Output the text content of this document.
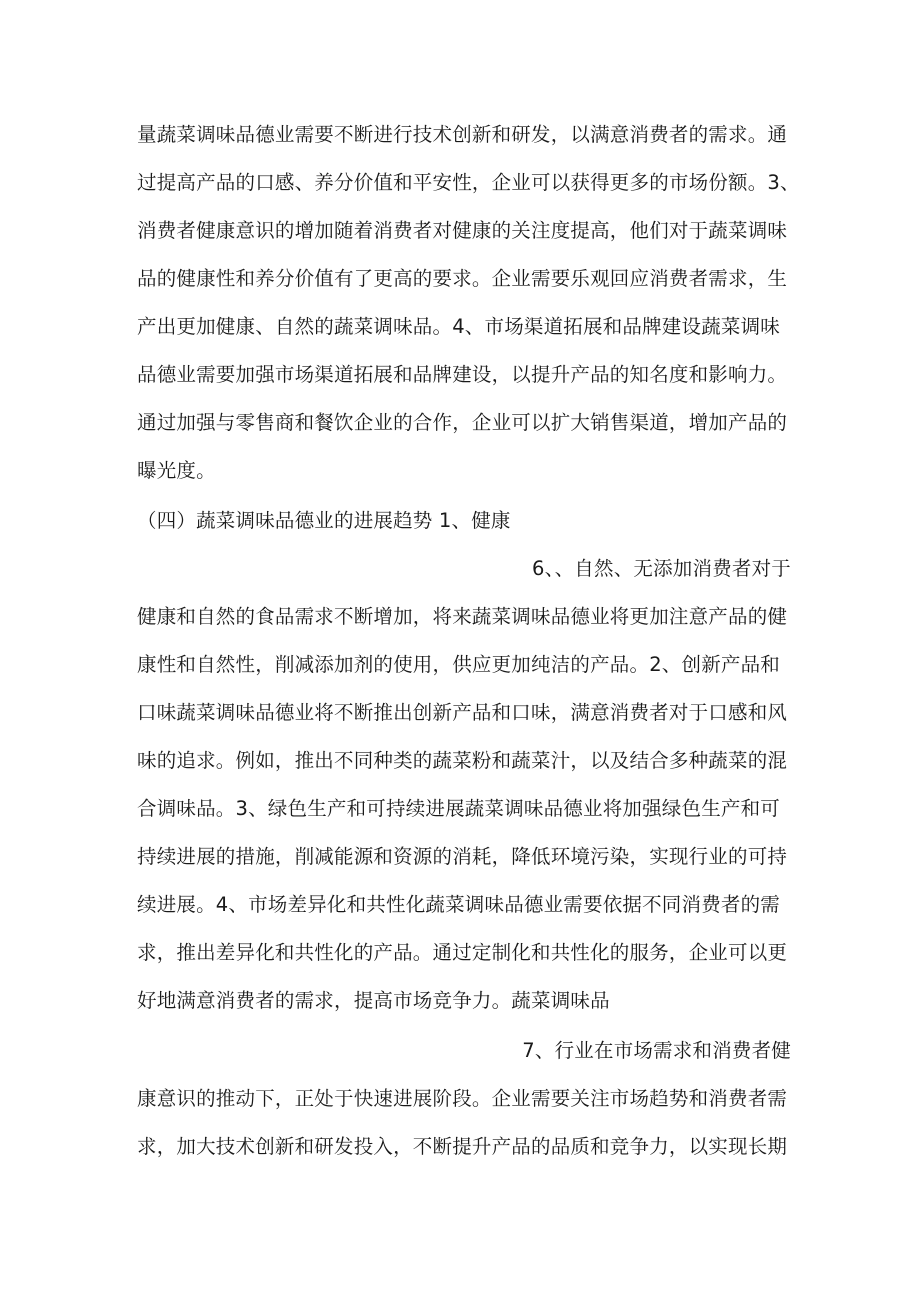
量蔬菜调味品德业需要不断进行技术创新和研发，以满意消费者的需求。通
过提高产品的口感、养分价值和平安性，企业可以获得更多的市场份额。3、
消费者健康意识的增加随着消费者对健康的关注度提高，他们对于蔬菜调味
品的健康性和养分价值有了更高的要求。企业需要乐观回应消费者需求，生
产出更加健康、自然的蔬菜调味品。4、市场渠道拓展和品牌建设蔬菜调味
品德业需要加强市场渠道拓展和品牌建设，以提升产品的知名度和影响力。
通过加强与零售商和餐饮企业的合作，企业可以扩大销售渠道，增加产品的
曝光度。
（四）蔬菜调味品德业的进展趋势 1、健康
6、、自然、无添加消费者对于
健康和自然的食品需求不断增加，将来蔬菜调味品德业将更加注意产品的健
康性和自然性，削减添加剂的使用，供应更加纯洁的产品。2、创新产品和
口味蔬菜调味品德业将不断推出创新产品和口味，满意消费者对于口感和风
味的追求。例如，推出不同种类的蔬菜粉和蔬菜汁，以及结合多种蔬菜的混
合调味品。3、绿色生产和可持续进展蔬菜调味品德业将加强绿色生产和可
持续进展的措施，削减能源和资源的消耗，降低环境污染，实现行业的可持
续进展。4、市场差异化和共性化蔬菜调味品德业需要依据不同消费者的需
求，推出差异化和共性化的产品。通过定制化和共性化的服务，企业可以更
好地满意消费者的需求，提高市场竞争力。蔬菜调味品
7、行业在市场需求和消费者健
康意识的推动下，正处于快速进展阶段。企业需要关注市场趋势和消费者需
求，加大技术创新和研发投入，不断提升产品的品质和竞争力，以实现长期
